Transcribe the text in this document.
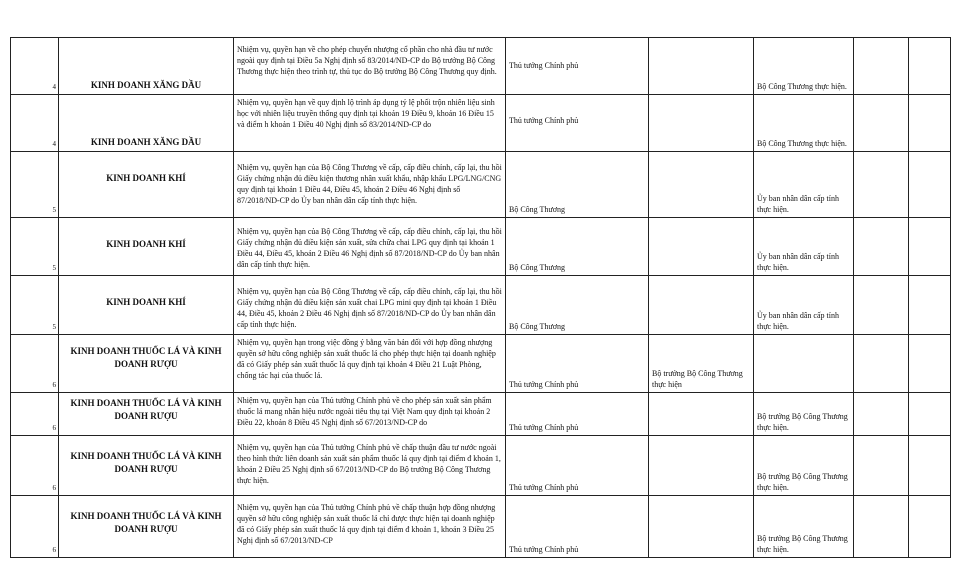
4	KINH DOANH XĂNG DẦU	Nhiệm vụ, quyền hạn về cho phép chuyển nhượng cổ phần cho nhà đầu tư nước ngoài quy định tại Điều 5a Nghị định số 83/2014/ND-CP do Bộ trưởng Bộ Công Thương thực hiện theo trình tự, thủ tục do Bộ trưởng Bộ Công Thương quy định.	Thủ tướng Chính phủ		Bộ Công Thương thực hiện.		
4	KINH DOANH XĂNG DẦU	Nhiệm vụ, quyền hạn về quy định lộ trình áp dụng tỷ lệ phối trộn nhiên liệu sinh học với nhiên liệu truyền thống quy định tại khoản 19 Điều 9, khoản 16 Điều 15 và điểm h khoản 1 Điều 40 Nghị định số 83/2014/ND-CP do	Thủ tướng Chính phủ		Bộ Công Thương thực hiện.		
5	KINH DOANH KHÍ	Nhiệm vụ, quyền hạn của Bộ Công Thương về cấp, cấp điều chỉnh, cấp lại, thu hồi Giấy chứng nhận đủ điều kiện thương nhân xuất khẩu, nhập khẩu LPG/LNG/CNG quy định tại khoản 1 Điều 44, Điều 45, khoản 2 Điều 46 Nghị định số 87/2018/ND-CP do Ủy ban nhân dân cấp tỉnh thực hiện.	Bộ Công Thương		Ủy ban nhân dân cấp tỉnh thực hiện.		
5	KINH DOANH KHÍ	Nhiệm vụ, quyền hạn của Bộ Công Thương về cấp, cấp điều chỉnh, cấp lại, thu hồi Giấy chứng nhận đủ điều kiện sản xuất, sửa chữa chai LPG quy định tại khoản 1 Điều 44, Điều 45, khoản 2 Điều 46 Nghị định số 87/2018/ND-CP do Ủy ban nhân dân cấp tỉnh thực hiện.	Bộ Công Thương		Ủy ban nhân dân cấp tỉnh thực hiện.		
5	KINH DOANH KHÍ	Nhiệm vụ, quyền hạn của Bộ Công Thương về cấp, cấp điều chỉnh, cấp lại, thu hồi Giấy chứng nhận đủ điều kiện sản xuất chai LPG mini quy định tại khoản 1 Điều 44, Điều 45, khoản 2 Điều 46 Nghị định số 87/2018/ND-CP do Ủy ban nhân dân cấp tỉnh thực hiện.	Bộ Công Thương		Ủy ban nhân dân cấp tỉnh thực hiện.		
6	KINH DOANH THUỐC LÁ VÀ KINH DOANH RƯỢU	Nhiệm vụ, quyền hạn trong việc đồng ý bằng văn bản đối với hợp đồng nhượng quyền sở hữu công nghiệp sản xuất thuốc lá cho phép thực hiện tại doanh nghiệp đã có Giấy phép sản xuất thuốc lá quy định tại khoản 4 Điều 21 Luật Phòng, chống tác hại của thuốc lá.	Thủ tướng Chính phủ	Bộ trưởng Bộ Công Thương thực hiện			
6	KINH DOANH THUỐC LÁ VÀ KINH DOANH RƯỢU	Nhiệm vụ, quyền hạn của Thủ tướng Chính phủ về cho phép sản xuất sản phẩm thuốc lá mang nhãn hiệu nước ngoài tiêu thụ tại Việt Nam quy định tại khoản 2 Điều 22, khoản 8 Điều 45 Nghị định số 67/2013/ND-CP do	Thủ tướng Chính phủ		Bộ trưởng Bộ Công Thương thực hiện.		
6	KINH DOANH THUỐC LÁ VÀ KINH DOANH RƯỢU	Nhiệm vụ, quyền hạn của Thủ tướng Chính phủ về chấp thuận đầu tư nước ngoài theo hình thức liên doanh sản xuất sản phẩm thuốc lá quy định tại điểm đ khoản 1, khoản 2 Điều 25 Nghị định số 67/2013/ND-CP do Bộ trưởng Bộ Công Thương thực hiện.	Thủ tướng Chính phủ		Bộ trưởng Bộ Công Thương thực hiện.		
6	KINH DOANH THUỐC LÁ VÀ KINH DOANH RƯỢU	Nhiệm vụ, quyền hạn của Thủ tướng Chính phủ về chấp thuận hợp đồng nhượng quyền sở hữu công nghiệp sản xuất thuốc lá chỉ được thực hiện tại doanh nghiệp đã có Giấy phép sản xuất thuốc lá quy định tại điểm đ khoản 1, khoản 3 Điều 25 Nghị định số 67/2013/ND-CP	Thủ tướng Chính phủ		Bộ trưởng Bộ Công Thương thực hiện.		
